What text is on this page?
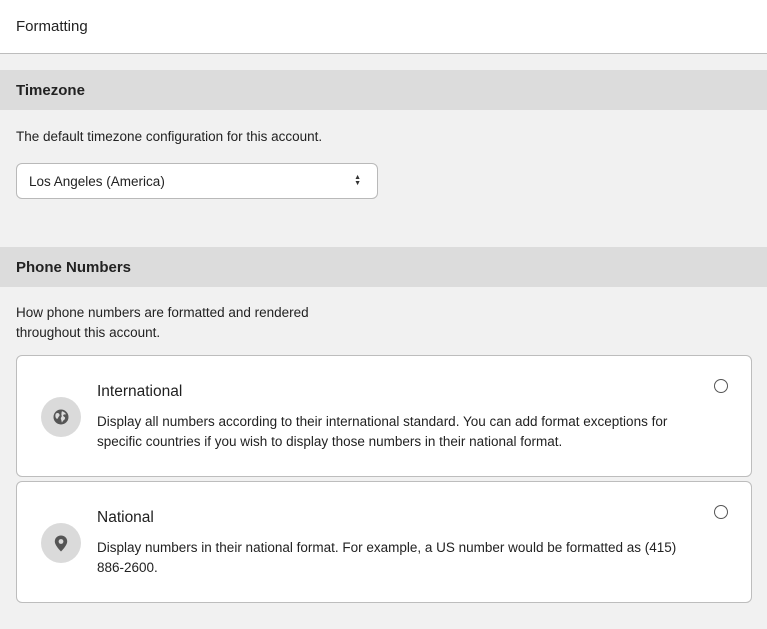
Formatting
Timezone
The default timezone configuration for this account.
Los Angeles (America)	▲
▼
Phone Numbers
How phone numbers are formatted and rendered throughout this account.
International
Display all numbers according to their international standard. You can add format exceptions for specific countries if you wish to display those numbers in their national format.
National
Display numbers in their national format. For example, a US number would be formatted as (415) 886-2600.
